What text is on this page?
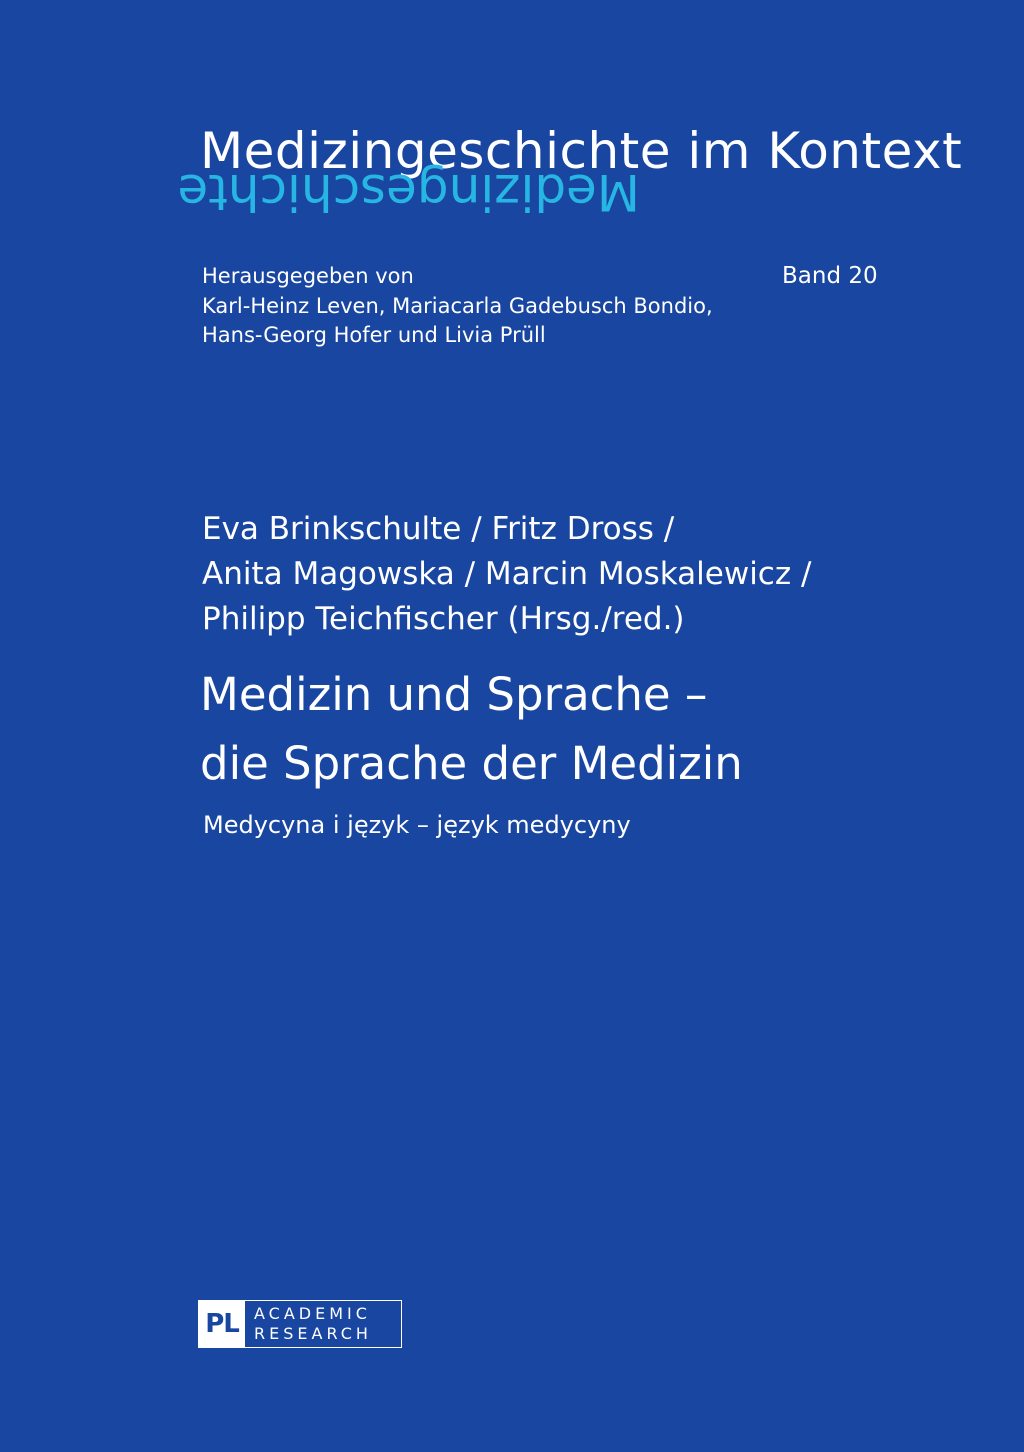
Medizingeschichte im Kontext
Medizingeschichte
Herausgegeben von
Karl-Heinz Leven, Mariacarla Gadebusch Bondio,
Hans-Georg Hofer und Livia Prüll
Band 20
Eva Brinkschulte / Fritz Dross /
Anita Magowska / Marcin Moskalewicz /
Philipp Teichfischer (Hrsg./red.)
Medizin und Sprache –
die Sprache der Medizin
Medycyna i język – język medycyny
PL ACADEMIC
RESEARCH
